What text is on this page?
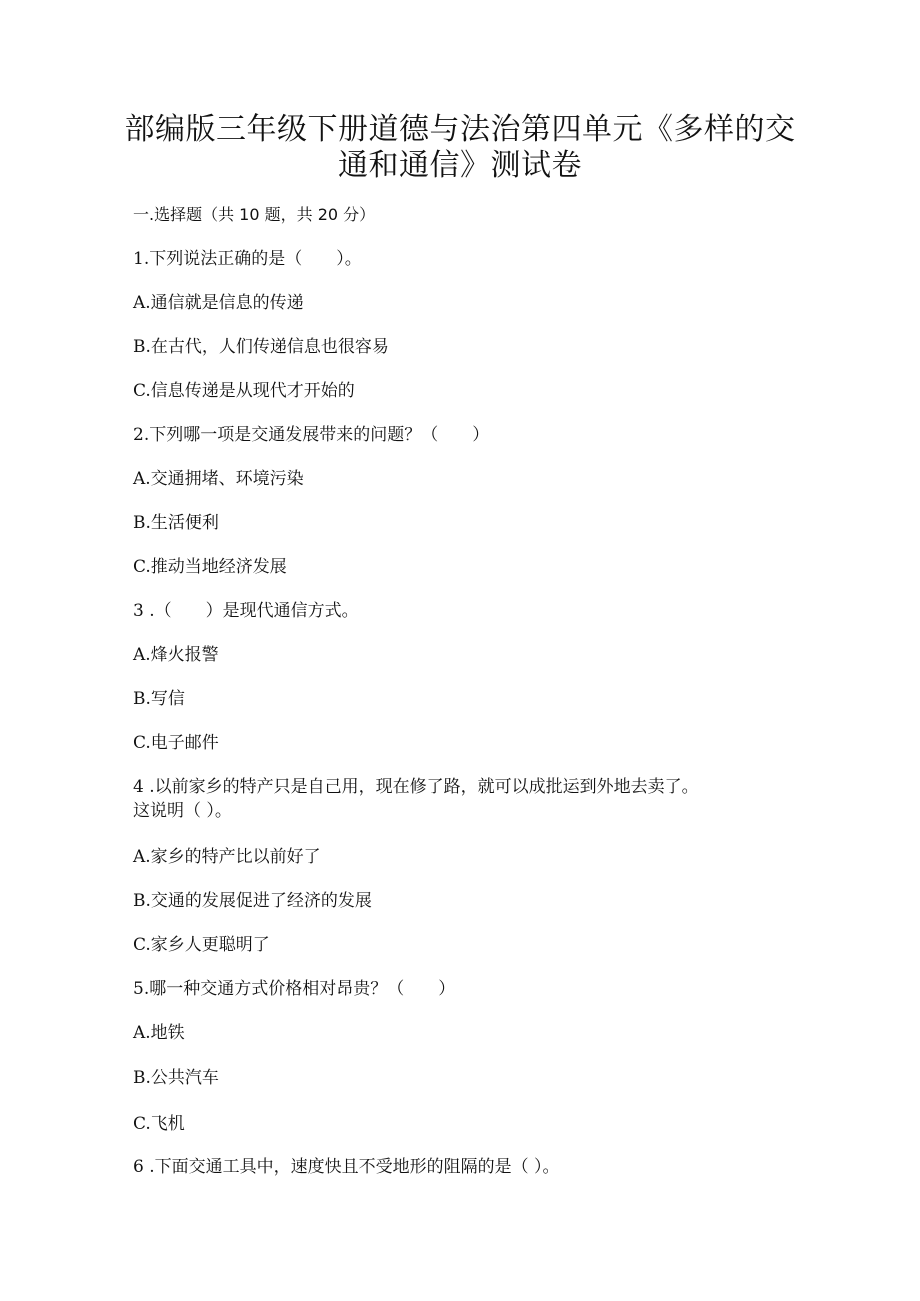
部编版三年级下册道德与法治第四单元《多样的交
通和通信》测试卷
一.选择题（共 10 题，共 20 分）
1.下列说法正确的是（　　）。
A.通信就是信息的传递
B.在古代，人们传递信息也很容易
C.信息传递是从现代才开始的
2.下列哪一项是交通发展带来的问题？（　　）
A.交通拥堵、环境污染
B.生活便利
C.推动当地经济发展
3 .（　　）是现代通信方式。
A.烽火报警
B.写信
C.电子邮件
4 .以前家乡的特产只是自己用，现在修了路，就可以成批运到外地去卖了。
这说明（ ）。
A.家乡的特产比以前好了
B.交通的发展促进了经济的发展
C.家乡人更聪明了
5.哪一种交通方式价格相对昂贵？（　　）
A.地铁
B.公共汽车
C.飞机
6 .下面交通工具中，速度快且不受地形的阻隔的是（ ）。
